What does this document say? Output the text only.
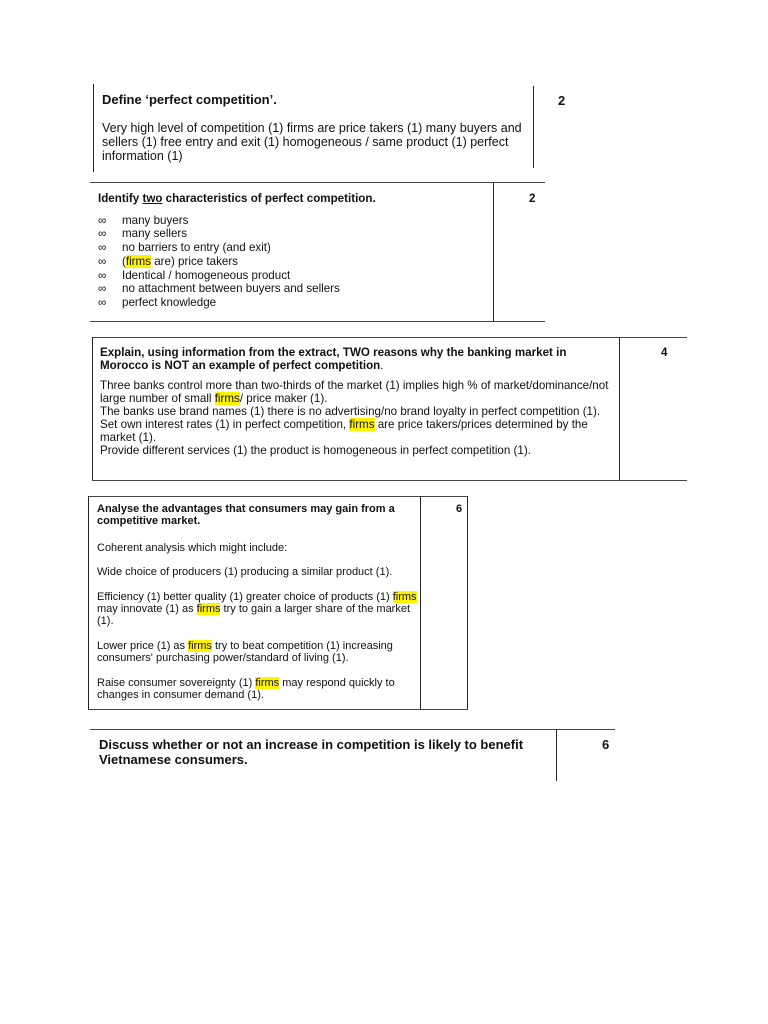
Define ‘perfect competition’.

Very high level of competition (1) firms are price takers (1) many buyers and sellers (1) free entry and exit (1) homogeneous / same product (1) perfect information (1)

2

Identify two characteristics of perfect competition.

∞ many buyers
∞ many sellers
∞ no barriers to entry (and exit)
∞ (firms are) price takers
∞ Identical / homogeneous product
∞ no attachment between buyers and sellers
∞ perfect knowledge
2

Explain, using information from the extract, TWO reasons why the banking market in Morocco is NOT an example of perfect competition.

Three banks control more than two-thirds of the market (1) implies high % of market/dominance/not large number of small firms/ price maker (1).

The banks use brand names (1) there is no advertising/no brand loyalty in perfect competition (1).

Set own interest rates (1) in perfect competition, firms are price takers/prices determined by the market (1).

Provide different services (1) the product is homogeneous in perfect competition (1).

4

Analyse the advantages that consumers may gain from a competitive market.

Coherent analysis which might include:

Wide choice of producers (1) producing a similar product (1).

Efficiency (1) better quality (1) greater choice of products (1) firms may innovate (1) as firms try to gain a larger share of the market (1).

Lower price (1) as firms try to beat competition (1) increasing consumers' purchasing power/standard of living (1).

Raise consumer sovereignty (1) firms may respond quickly to changes in consumer demand (1).

6

Discuss whether or not an increase in competition is likely to benefit Vietnamese consumers.

6
